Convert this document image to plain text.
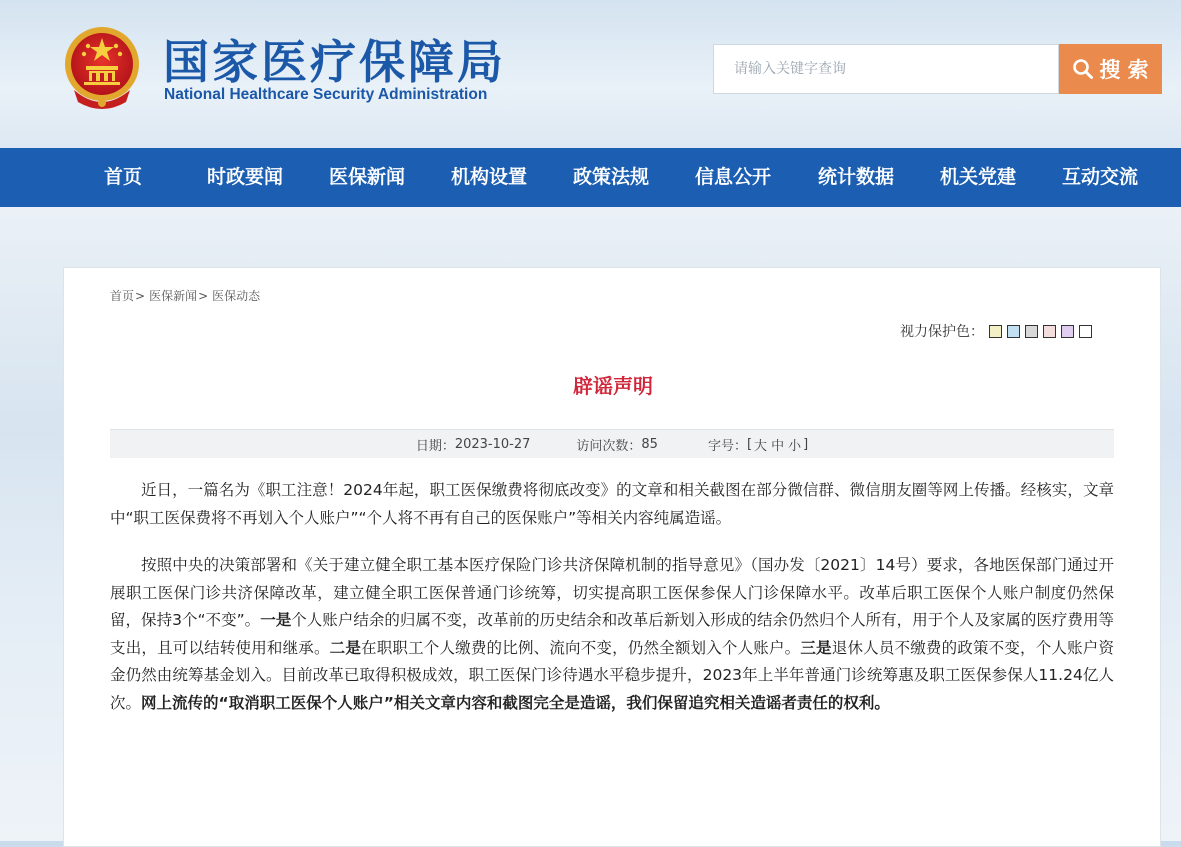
国家医疗保障局
National Healthcare Security Administration
请输入关键字查询
搜 索
首页	时政要闻	医保新闻	机构设置	政策法规	信息公开	统计数据	机关党建	互动交流
首页> 医保新闻> 医保动态
视力保护色：
辟谣声明
日期： 2023-10-27	访问次数： 85	字号： [ 大 中 小 ]

近日，一篇名为《职工注意！2024年起，职工医保缴费将彻底改变》的文章和相关截图在部分微信群、微信朋友圈等网上传播。经核实，文章中“职工医保费将不再划入个人账户”“个人将不再有自己的医保账户”等相关内容纯属造谣。

按照中央的决策部署和《关于建立健全职工基本医疗保险门诊共济保障机制的指导意见》（国办发〔2021〕14号）要求，各地医保部门通过开展职工医保门诊共济保障改革，建立健全职工医保普通门诊统筹，切实提高职工医保参保人门诊保障水平。改革后职工医保个人账户制度仍然保留，保持3个“不变”。一是个人账户结余的归属不变，改革前的历史结余和改革后新划入形成的结余仍然归个人所有，用于个人及家属的医疗费用等支出，且可以结转使用和继承。二是在职职工个人缴费的比例、流向不变，仍然全额划入个人账户。三是退休人员不缴费的政策不变，个人账户资金仍然由统筹基金划入。目前改革已取得积极成效，职工医保门诊待遇水平稳步提升，2023年上半年普通门诊统筹惠及职工医保参保人11.24亿人次。网上流传的“取消职工医保个人账户”相关文章内容和截图完全是造谣，我们保留追究相关造谣者责任的权利。
